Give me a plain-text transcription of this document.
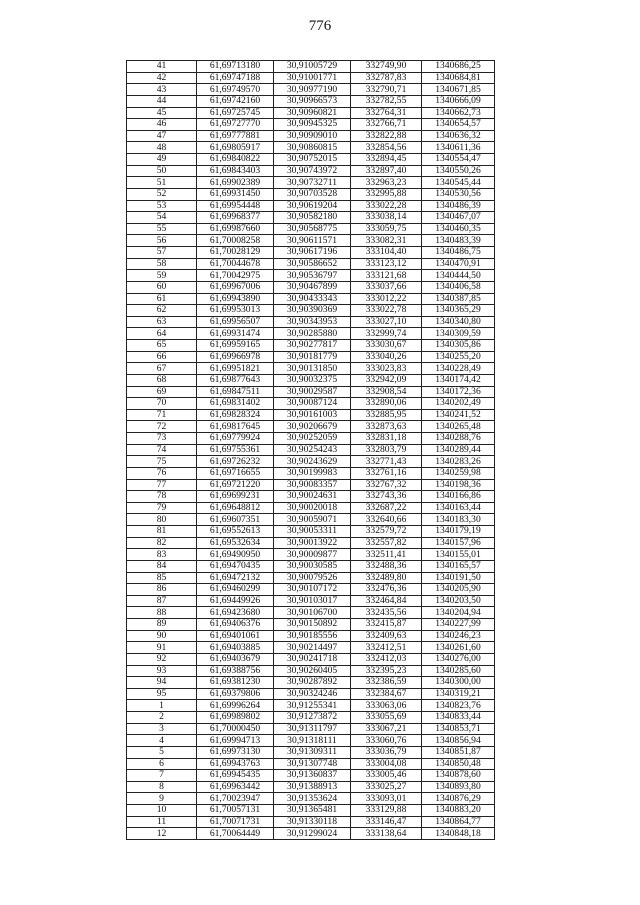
776
41	61,69713180	30,91005729	332749,90	1340686,25
42	61,69747188	30,91001771	332787,83	1340684,81
43	61,69749570	30,90977190	332790,71	1340671,85
44	61,69742160	30,90966573	332782,55	1340666,09
45	61,69725745	30,90960821	332764,31	1340662,73
46	61,69727770	30,90945325	332766,71	1340654,57
47	61,69777881	30,90909010	332822,88	1340636,32
48	61,69805917	30,90860815	332854,56	1340611,36
49	61,69840822	30,90752015	332894,45	1340554,47
50	61,69843403	30,90743972	332897,40	1340550,26
51	61,69902389	30,90732711	332963,23	1340545,44
52	61,69931450	30,90703528	332995,88	1340530,56
53	61,69954448	30,90619204	333022,28	1340486,39
54	61,69968377	30,90582180	333038,14	1340467,07
55	61,69987660	30,90568775	333059,75	1340460,35
56	61,70008258	30,90611571	333082,31	1340483,39
57	61,70028129	30,90617196	333104,40	1340486,75
58	61,70044678	30,90586652	333123,12	1340470,91
59	61,70042975	30,90536797	333121,68	1340444,50
60	61,69967006	30,90467899	333037,66	1340406,58
61	61,69943890	30,90433343	333012,22	1340387,85
62	61,69953013	30,90390369	333022,78	1340365,29
63	61,69956507	30,90343953	333027,10	1340340,80
64	61,69931474	30,90285880	332999,74	1340309,59
65	61,69959165	30,90277817	333030,67	1340305,86
66	61,69966978	30,90181779	333040,26	1340255,20
67	61,69951821	30,90131850	333023,83	1340228,49
68	61,69877643	30,90032375	332942,09	1340174,42
69	61,69847511	30,90029587	332908,54	1340172,36
70	61,69831402	30,90087124	332890,06	1340202,49
71	61,69828324	30,90161003	332885,95	1340241,52
72	61,69817645	30,90206679	332873,63	1340265,48
73	61,69779924	30,90252059	332831,18	1340288,76
74	61,69755361	30,90254243	332803,79	1340289,44
75	61,69726232	30,90243629	332771,43	1340283,26
76	61,69716655	30,90199983	332761,16	1340259,98
77	61,69721220	30,90083357	332767,32	1340198,36
78	61,69699231	30,90024631	332743,36	1340166,86
79	61,69648812	30,90020018	332687,22	1340163,44
80	61,69607351	30,90059071	332640,66	1340183,30
81	61,69552613	30,90053311	332579,72	1340179,19
82	61,69532634	30,90013922	332557,82	1340157,96
83	61,69490950	30,90009877	332511,41	1340155,01
84	61,69470435	30,90030585	332488,36	1340165,57
85	61,69472132	30,90079526	332489,80	1340191,50
86	61,69460299	30,90107172	332476,36	1340205,90
87	61,69449926	30,90103017	332464,84	1340203,50
88	61,69423680	30,90106700	332435,56	1340204,94
89	61,69406376	30,90150892	332415,87	1340227,99
90	61,69401061	30,90185556	332409,63	1340246,23
91	61,69403885	30,90214497	332412,51	1340261,60
92	61,69403679	30,90241718	332412,03	1340276,00
93	61,69388756	30,90260405	332395,23	1340285,60
94	61,69381230	30,90287892	332386,59	1340300,00
95	61,69379806	30,90324246	332384,67	1340319,21
1	61,69996264	30,91255341	333063,06	1340823,76
2	61,69989802	30,91273872	333055,69	1340833,44
3	61,70000450	30,91311797	333067,21	1340853,71
4	61,69994713	30,91318111	333060,76	1340856,94
5	61,69973130	30,91309311	333036,79	1340851,87
6	61,69943763	30,91307748	333004,08	1340850,48
7	61,69945435	30,91360837	333005,46	1340878,60
8	61,69963442	30,91388913	333025,27	1340893,80
9	61,70023947	30,91353624	333093,01	1340876,29
10	61,70057131	30,91365481	333129,88	1340883,20
11	61,70071731	30,91330118	333146,47	1340864,77
12	61,70064449	30,91299024	333138,64	1340848,18
